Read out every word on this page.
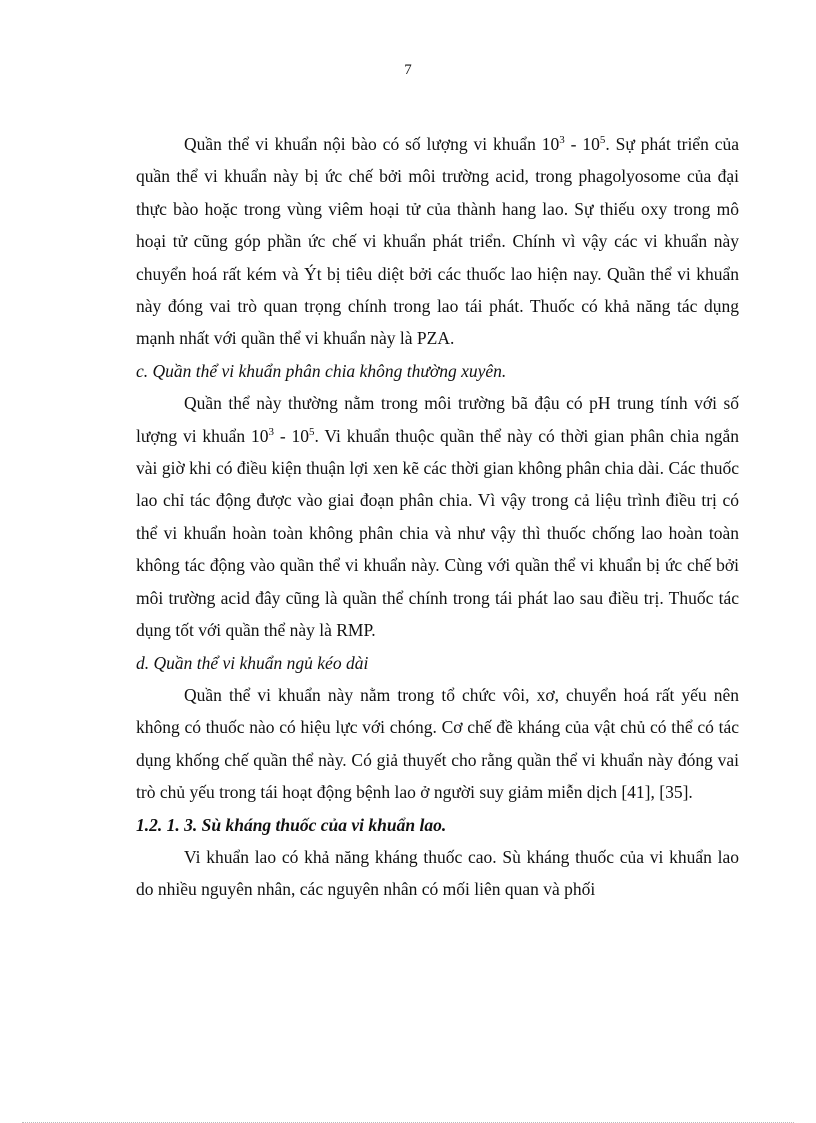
7

Quần thể vi khuẩn nội bào có số lượng vi khuẩn $10^3 - 10^5$. Sự phát triển của quần thể vi khuẩn này bị ức chế bởi môi trường acid, trong phagolyosome của đại thực bào hoặc trong vùng viêm hoại tử của thành hang lao. Sự thiếu oxy trong mô hoại tử cũng góp phần ức chế vi khuẩn phát triển. Chính vì vậy các vi khuẩn này chuyển hoá rất kém và Ýt bị tiêu diệt bởi các thuốc lao hiện nay. Quần thể vi khuẩn này đóng vai trò quan trọng chính trong lao tái phát. Thuốc có khả năng tác dụng mạnh nhất với quần thể vi khuẩn này là PZA.

c. Quần thể vi khuẩn phân chia không thường xuyên.

Quần thể này thường nằm trong môi trường bã đậu có pH trung tính với số lượng vi khuẩn $10^3 - 10^5$. Vi khuẩn thuộc quần thể này có thời gian phân chia ngắn vài giờ khi có điều kiện thuận lợi xen kẽ các thời gian không phân chia dài. Các thuốc lao chỉ tác động được vào giai đoạn phân chia. Vì vậy trong cả liệu trình điều trị có thể vi khuẩn hoàn toàn không phân chia và như vậy thì thuốc chống lao hoàn toàn không tác động vào quần thể vi khuẩn này. Cùng với quần thể vi khuẩn bị ức chế bởi môi trường acid đây cũng là quần thể chính trong tái phát lao sau điều trị. Thuốc tác dụng tốt với quần thể này là RMP.

d. Quần thể vi khuẩn ngủ kéo dài

Quần thể vi khuẩn này nằm trong tổ chức vôi, xơ, chuyển hoá rất yếu nên không có thuốc nào có hiệu lực với chóng. Cơ chế đề kháng của vật chủ có thể có tác dụng khống chế quần thể này. Có giả thuyết cho rằng quần thể vi khuẩn này đóng vai trò chủ yếu trong tái hoạt động bệnh lao ở người suy giảm miễn dịch [41], [35].

1.2. 1. 3. Sù kháng thuốc của vi khuẩn lao.

Vi khuẩn lao có khả năng kháng thuốc cao. Sù kháng thuốc của vi khuẩn lao do nhiều nguyên nhân, các nguyên nhân có mối liên quan và phối
